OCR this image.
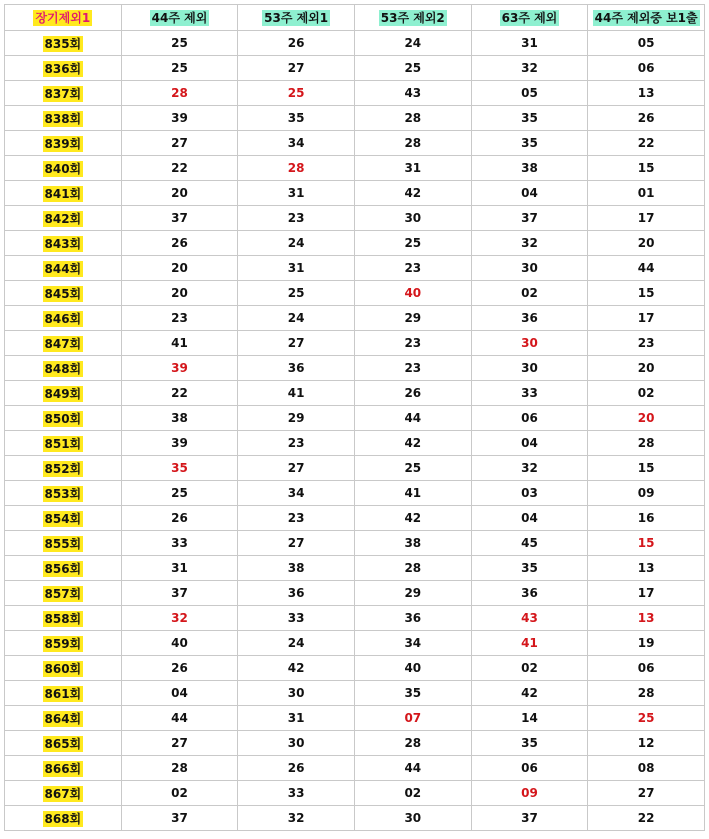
장기제외1	44주 제외	53주 제외1	53주 제외2	63주 제외	44주 제외중 보1출
835회	25	26	24	31	05
836회	25	27	25	32	06
837회	28	25	43	05	13
838회	39	35	28	35	26
839회	27	34	28	35	22
840회	22	28	31	38	15
841회	20	31	42	04	01
842회	37	23	30	37	17
843회	26	24	25	32	20
844회	20	31	23	30	44
845회	20	25	40	02	15
846회	23	24	29	36	17
847회	41	27	23	30	23
848회	39	36	23	30	20
849회	22	41	26	33	02
850회	38	29	44	06	20
851회	39	23	42	04	28
852회	35	27	25	32	15
853회	25	34	41	03	09
854회	26	23	42	04	16
855회	33	27	38	45	15
856회	31	38	28	35	13
857회	37	36	29	36	17
858회	32	33	36	43	13
859회	40	24	34	41	19
860회	26	42	40	02	06
861회	04	30	35	42	28
864회	44	31	07	14	25
865회	27	30	28	35	12
866회	28	26	44	06	08
867회	02	33	02	09	27
868회	37	32	30	37	22
